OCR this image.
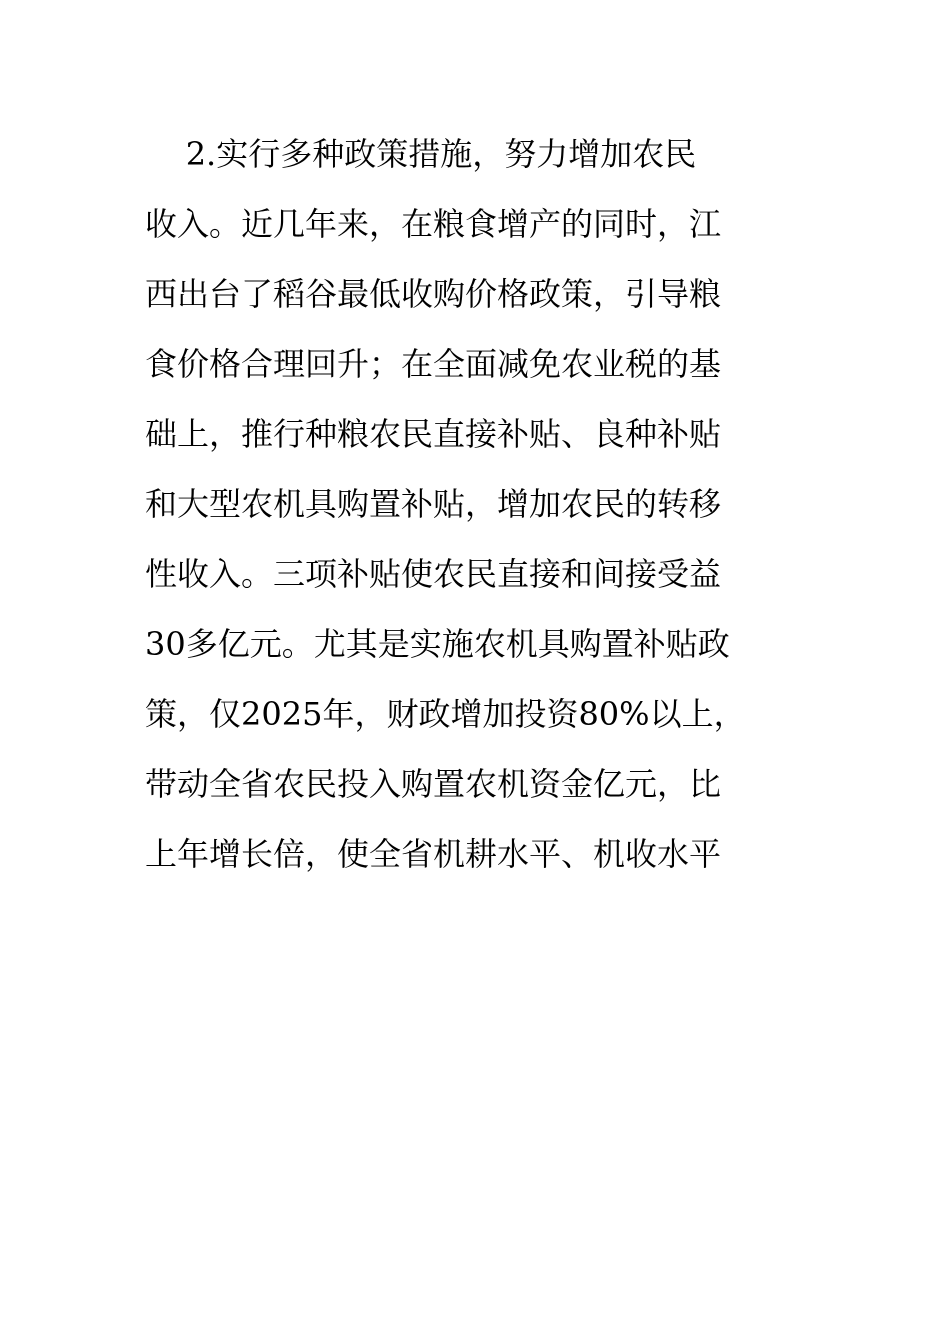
2.实行多种政策措施，努力增加农民
收入。近几年来，在粮食增产的同时，江
西出台了稻谷最低收购价格政策，引导粮
食价格合理回升；在全面减免农业税的基
础上，推行种粮农民直接补贴、良种补贴
和大型农机具购置补贴，增加农民的转移
性收入。三项补贴使农民直接和间接受益
30多亿元。尤其是实施农机具购置补贴政
策，仅2025年，财政增加投资80%以上，
带动全省农民投入购置农机资金亿元，比
上年增长倍，使全省机耕水平、机收水平
